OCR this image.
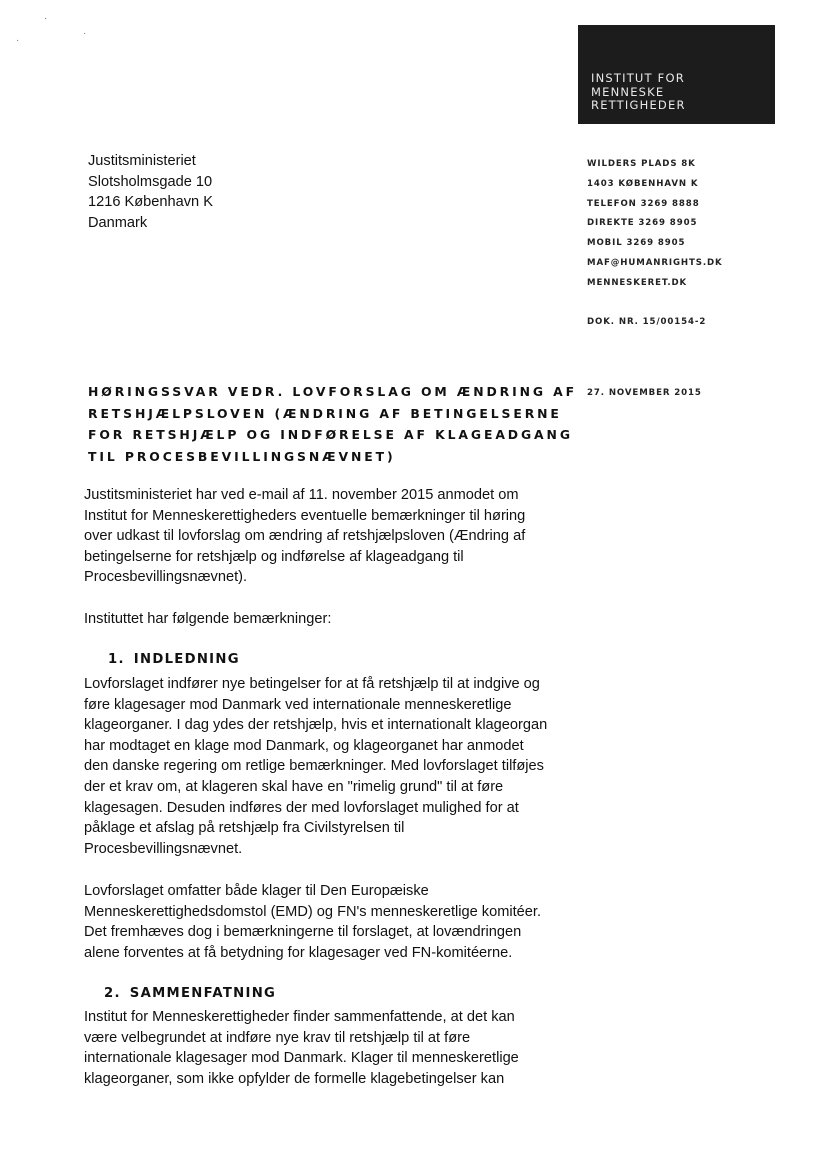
·
·
·
INSTITUT FOR
MENNESKE
RETTIGHEDER
Justitsministeriet
Slotsholmsgade 10
1216 København K
Danmark
WILDERS PLADS 8K
1403 KØBENHAVN K
TELEFON 3269 8888
DIREKTE 3269 8905
MOBIL 3269 8905
MAF@HUMANRIGHTS.DK
MENNESKERET.DK
DOK. NR. 15/00154-2
27. NOVEMBER 2015
HØRINGSSVAR VEDR. LOVFORSLAG OM ÆNDRING AF
RETSHJÆLPSLOVEN (ÆNDRING AF BETINGELSERNE
FOR RETSHJÆLP OG INDFØRELSE AF KLAGEADGANG
TIL PROCESBEVILLINGSNÆVNET)
Justitsministeriet har ved e-mail af 11. november 2015 anmodet om
Institut for Menneskerettigheders eventuelle bemærkninger til høring
over udkast til lovforslag om ændring af retshjælpsloven (Ændring af
betingelserne for retshjælp og indførelse af klageadgang til
Procesbevillingsnævnet).
Instituttet har følgende bemærkninger:
1. INDLEDNING
Lovforslaget indfører nye betingelser for at få retshjælp til at indgive og
føre klagesager mod Danmark ved internationale menneskeretlige
klageorganer. I dag ydes der retshjælp, hvis et internationalt klageorgan
har modtaget en klage mod Danmark, og klageorganet har anmodet
den danske regering om retlige bemærkninger. Med lovforslaget tilføjes
der et krav om, at klageren skal have en "rimelig grund" til at føre
klagesagen. Desuden indføres der med lovforslaget mulighed for at
påklage et afslag på retshjælp fra Civilstyrelsen til
Procesbevillingsnævnet.
Lovforslaget omfatter både klager til Den Europæiske
Menneskerettighedsdomstol (EMD) og FN's menneskeretlige komitéer.
Det fremhæves dog i bemærkningerne til forslaget, at lovændringen
alene forventes at få betydning for klagesager ved FN-komitéerne.
2. SAMMENFATNING
Institut for Menneskerettigheder finder sammenfattende, at det kan
være velbegrundet at indføre nye krav til retshjælp til at føre
internationale klagesager mod Danmark. Klager til menneskeretlige
klageorganer, som ikke opfylder de formelle klagebetingelser kan
